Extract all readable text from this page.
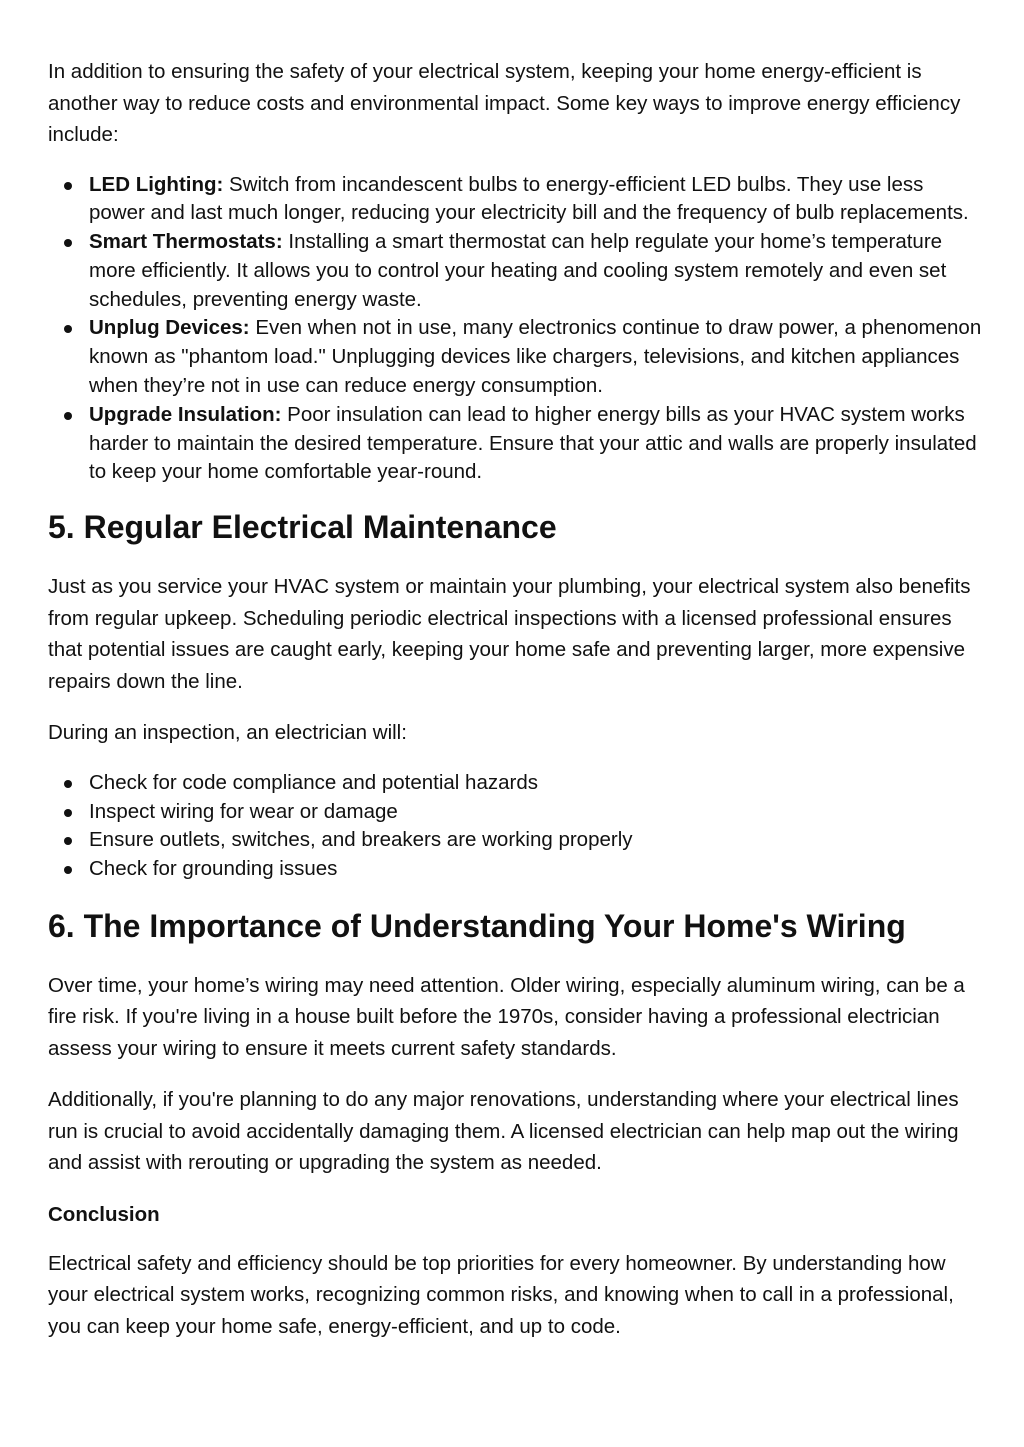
In addition to ensuring the safety of your electrical system, keeping your home energy-efficient is another way to reduce costs and environmental impact. Some key ways to improve energy efficiency include:

LED Lighting: Switch from incandescent bulbs to energy-efficient LED bulbs. They use less power and last much longer, reducing your electricity bill and the frequency of bulb replacements.
Smart Thermostats: Installing a smart thermostat can help regulate your home’s temperature more efficiently. It allows you to control your heating and cooling system remotely and even set schedules, preventing energy waste.
Unplug Devices: Even when not in use, many electronics continue to draw power, a phenomenon known as "phantom load." Unplugging devices like chargers, televisions, and kitchen appliances when they’re not in use can reduce energy consumption.
Upgrade Insulation: Poor insulation can lead to higher energy bills as your HVAC system works harder to maintain the desired temperature. Ensure that your attic and walls are properly insulated to keep your home comfortable year-round.
5. Regular Electrical Maintenance

Just as you service your HVAC system or maintain your plumbing, your electrical system also benefits from regular upkeep. Scheduling periodic electrical inspections with a licensed professional ensures that potential issues are caught early, keeping your home safe and preventing larger, more expensive repairs down the line.

During an inspection, an electrician will:

Check for code compliance and potential hazards
Inspect wiring for wear or damage
Ensure outlets, switches, and breakers are working properly
Check for grounding issues
6. The Importance of Understanding Your Home's Wiring

Over time, your home’s wiring may need attention. Older wiring, especially aluminum wiring, can be a fire risk. If you're living in a house built before the 1970s, consider having a professional electrician assess your wiring to ensure it meets current safety standards.

Additionally, if you're planning to do any major renovations, understanding where your electrical lines run is crucial to avoid accidentally damaging them. A licensed electrician can help map out the wiring and assist with rerouting or upgrading the system as needed.

Conclusion

Electrical safety and efficiency should be top priorities for every homeowner. By understanding how your electrical system works, recognizing common risks, and knowing when to call in a professional, you can keep your home safe, energy-efficient, and up to code.
